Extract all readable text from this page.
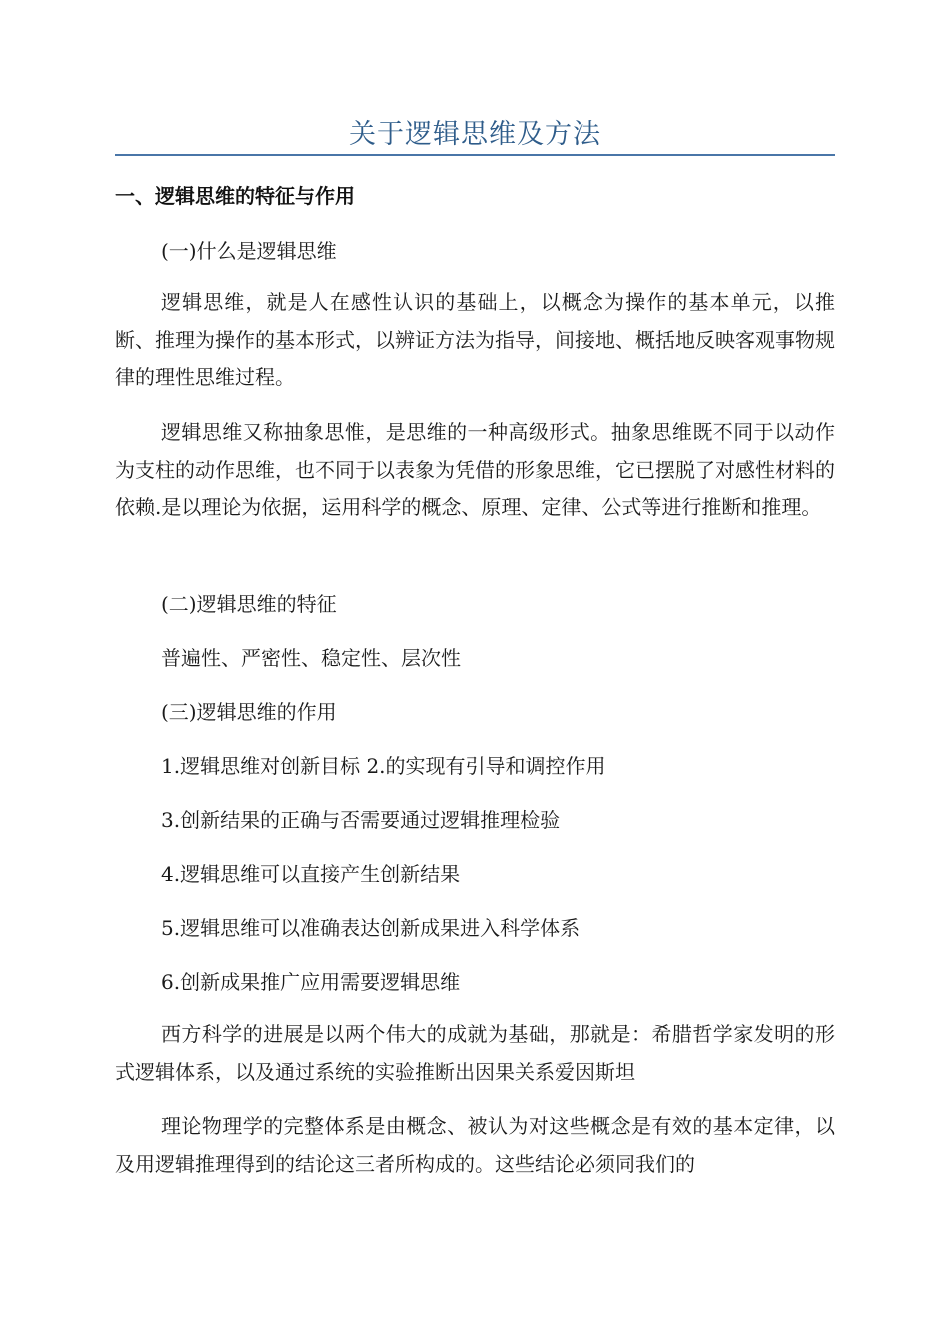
关于逻辑思维及方法
一、逻辑思维的特征与作用
(一)什么是逻辑思维
逻辑思维，就是人在感性认识的基础上，以概念为操作的基本单元，以推断、推理为操作的基本形式，以辨证方法为指导，间接地、概括地反映客观事物规律的理性思维过程。
逻辑思维又称抽象思惟，是思维的一种高级形式。抽象思维既不同于以动作为支柱的动作思维，也不同于以表象为凭借的形象思维，它已摆脱了对感性材料的依赖.是以理论为依据，运用科学的概念、原理、定律、公式等进行推断和推理。
(二)逻辑思维的特征
普遍性、严密性、稳定性、层次性
(三)逻辑思维的作用
1.逻辑思维对创新目标 2.的实现有引导和调控作用
3.创新结果的正确与否需要通过逻辑推理检验
4.逻辑思维可以直接产生创新结果
5.逻辑思维可以准确表达创新成果进入科学体系
6.创新成果推广应用需要逻辑思维
西方科学的进展是以两个伟大的成就为基础，那就是：希腊哲学家发明的形式逻辑体系，以及通过系统的实验推断出因果关系爱因斯坦
理论物理学的完整体系是由概念、被认为对这些概念是有效的基本定律，以及用逻辑推理得到的结论这三者所构成的。这些结论必须同我们的
